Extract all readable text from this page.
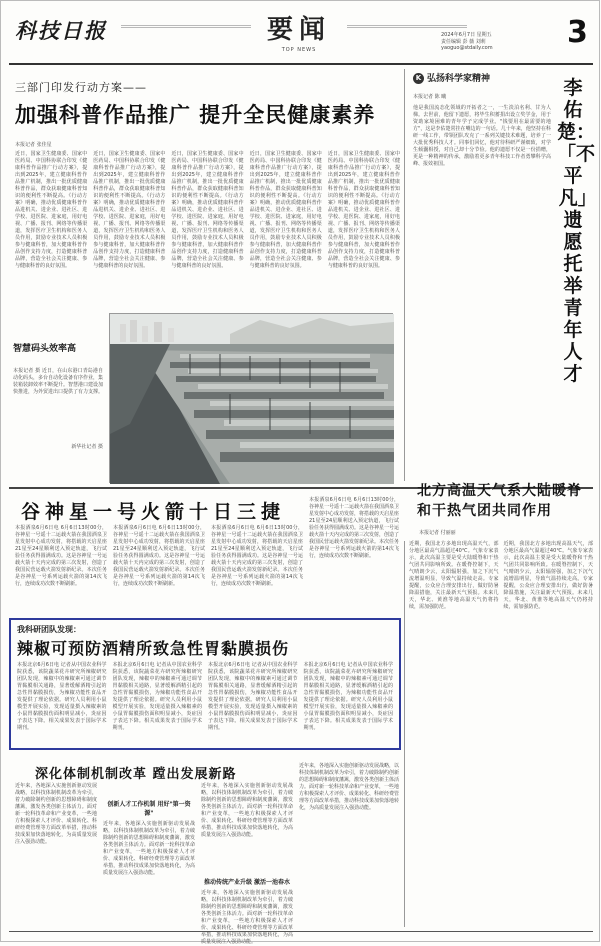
科技日报	要闻
TOP NEWS
2024年6月7日 星期五
责任编辑 彭 薇 刘莉
yaoguo@stdaily.com 3
三部门印发行动方案——
加强科普作品推广 提升全民健康素养
本报记者 张佳星
近日，国家卫生健康委、国家中医药局、中国科协联合印发《健康科普作品推广行动方案》，提出到2025年，建立健康科普作品推广机制，推出一批优质健康科普作品，群众获取健康科普知识的便利性不断提高。《行动方案》明确，推动优质健康科普作品进机关、进企业、进社区、进学校、进医院、进家庭，用好电视、广播、报刊、网络等传播渠道，发挥医疗卫生机构和医务人员作用，鼓励专业技术人员积极参与健康科普，加大健康科普作品创作支持力度，打造健康科普品牌，营造全社会关注健康、参与健康科普的良好氛围。
近日，国家卫生健康委、国家中医药局、中国科协联合印发《健康科普作品推广行动方案》，提出到2025年，建立健康科普作品推广机制，推出一批优质健康科普作品，群众获取健康科普知识的便利性不断提高。《行动方案》明确，推动优质健康科普作品进机关、进企业、进社区、进学校、进医院、进家庭，用好电视、广播、报刊、网络等传播渠道，发挥医疗卫生机构和医务人员作用，鼓励专业技术人员积极参与健康科普，加大健康科普作品创作支持力度，打造健康科普品牌，营造全社会关注健康、参与健康科普的良好氛围。
近日，国家卫生健康委、国家中医药局、中国科协联合印发《健康科普作品推广行动方案》，提出到2025年，建立健康科普作品推广机制，推出一批优质健康科普作品，群众获取健康科普知识的便利性不断提高。《行动方案》明确，推动优质健康科普作品进机关、进企业、进社区、进学校、进医院、进家庭，用好电视、广播、报刊、网络等传播渠道，发挥医疗卫生机构和医务人员作用，鼓励专业技术人员积极参与健康科普，加大健康科普作品创作支持力度，打造健康科普品牌，营造全社会关注健康、参与健康科普的良好氛围。
近日，国家卫生健康委、国家中医药局、中国科协联合印发《健康科普作品推广行动方案》，提出到2025年，建立健康科普作品推广机制，推出一批优质健康科普作品，群众获取健康科普知识的便利性不断提高。《行动方案》明确，推动优质健康科普作品进机关、进企业、进社区、进学校、进医院、进家庭，用好电视、广播、报刊、网络等传播渠道，发挥医疗卫生机构和医务人员作用，鼓励专业技术人员积极参与健康科普，加大健康科普作品创作支持力度，打造健康科普品牌，营造全社会关注健康、参与健康科普的良好氛围。
近日，国家卫生健康委、国家中医药局、中国科协联合印发《健康科普作品推广行动方案》，提出到2025年，建立健康科普作品推广机制，推出一批优质健康科普作品，群众获取健康科普知识的便利性不断提高。《行动方案》明确，推动优质健康科普作品进机关、进企业、进社区、进学校、进医院、进家庭，用好电视、广播、报刊、网络等传播渠道，发挥医疗卫生机构和医务人员作用，鼓励专业技术人员积极参与健康科普，加大健康科普作品创作支持力度，打造健康科普品牌，营造全社会关注健康、参与健康科普的良好氛围。
智慧码头效率高
本报记者 摄 近日，在山东港口青岛港自动化码头，多台自动化设备有序作业，集装箱装卸效率不断提升。智慧港口建设加快推进，为外贸进出口提供了有力支撑。
新华社记者 摄
K 弘扬科学家精神
本报记者 陈 曦
他是我国流态化领域的开拓者之一，一生淡泊名利、甘为人梯。去世前，他留下遗愿，将毕生积蓄捐出设立奖学金，用于资助家境困难的青年学子完成学业。"钱要用在最需要的地方"，这是李佑楚常挂在嘴边的一句话。几十年来，他坚持在科研一线工作，带领团队攻克了一系列关键技术难题，培养了一大批优秀科技人才。同事们回忆，他对待科研严谨细致，对学生倾囊相授，对自己却十分节俭。他的遗愿不仅是一份捐赠，更是一种精神的传承，激励着更多青年科技工作者勇攀科学高峰、报效祖国。
李佑楚：「不平凡」遗愿托举青年人才
谷神星一号火箭十日三捷
本报酒泉6月6日电 6月6日13时00分，谷神星一号遥十二运载火箭在我国酒泉卫星发射中心成功发射，将搭载的天启星座21星至24星顺利送入预定轨道，飞行试验任务获得圆满成功。这是谷神星一号运载火箭十天内完成的第三次发射，创造了我国民营运载火箭发射新纪录。本次任务是谷神星一号系列运载火箭的第14次飞行，连续成功次数不断刷新。
本报酒泉6月6日电 6月6日13时00分，谷神星一号遥十二运载火箭在我国酒泉卫星发射中心成功发射，将搭载的天启星座21星至24星顺利送入预定轨道，飞行试验任务获得圆满成功。这是谷神星一号运载火箭十天内完成的第三次发射，创造了我国民营运载火箭发射新纪录。本次任务是谷神星一号系列运载火箭的第14次飞行，连续成功次数不断刷新。
本报酒泉6月6日电 6月6日13时00分，谷神星一号遥十二运载火箭在我国酒泉卫星发射中心成功发射，将搭载的天启星座21星至24星顺利送入预定轨道，飞行试验任务获得圆满成功。这是谷神星一号运载火箭十天内完成的第三次发射，创造了我国民营运载火箭发射新纪录。本次任务是谷神星一号系列运载火箭的第14次飞行，连续成功次数不断刷新。
本报酒泉6月6日电 6月6日13时00分，谷神星一号遥十二运载火箭在我国酒泉卫星发射中心成功发射，将搭载的天启星座21星至24星顺利送入预定轨道，飞行试验任务获得圆满成功。这是谷神星一号运载火箭十天内完成的第三次发射，创造了我国民营运载火箭发射新纪录。本次任务是谷神星一号系列运载火箭的第14次飞行，连续成功次数不断刷新。
北方高温天气系大陆暖脊和干热气团共同作用
本报记者 付丽丽
近期，我国北方多地出现高温天气，部分地区最高气温超过40℃。气象专家表示，此次高温主要是受大陆暖脊和干热气团共同影响所致。在暖脊控制下，天气晴朗少云，太阳辐射强，加之下沉气流增温明显，导致气温持续走高。专家提醒，公众应合理安排出行，做好防暑降温措施，关注最新天气预报。未来几天，华北、黄淮等地高温天气仍将持续，需加强防范。
近期，我国北方多地出现高温天气，部分地区最高气温超过40℃。气象专家表示，此次高温主要是受大陆暖脊和干热气团共同影响所致。在暖脊控制下，天气晴朗少云，太阳辐射强，加之下沉气流增温明显，导致气温持续走高。专家提醒，公众应合理安排出行，做好防暑降温措施，关注最新天气预报。未来几天，华北、黄淮等地高温天气仍将持续，需加强防范。
我科研团队发现：
辣椒可预防酒精所致急性胃黏膜损伤
本报北京6月6日电 记者从中国农业科学院获悉，该院蔬菜花卉研究所辣椒研究团队发现，辣椒中的辣椒素可通过调节胃黏膜相关通路，显著缓解酒精引起的急性胃黏膜损伤，为辣椒功能性食品开发提供了理论依据。研究人员利用小鼠模型开展实验，发现适量摄入辣椒素的小鼠胃黏膜损伤面积明显减小，炎症因子表达下降。相关成果发表于国际学术期刊。
本报北京6月6日电 记者从中国农业科学院获悉，该院蔬菜花卉研究所辣椒研究团队发现，辣椒中的辣椒素可通过调节胃黏膜相关通路，显著缓解酒精引起的急性胃黏膜损伤，为辣椒功能性食品开发提供了理论依据。研究人员利用小鼠模型开展实验，发现适量摄入辣椒素的小鼠胃黏膜损伤面积明显减小，炎症因子表达下降。相关成果发表于国际学术期刊。
本报北京6月6日电 记者从中国农业科学院获悉，该院蔬菜花卉研究所辣椒研究团队发现，辣椒中的辣椒素可通过调节胃黏膜相关通路，显著缓解酒精引起的急性胃黏膜损伤，为辣椒功能性食品开发提供了理论依据。研究人员利用小鼠模型开展实验，发现适量摄入辣椒素的小鼠胃黏膜损伤面积明显减小，炎症因子表达下降。相关成果发表于国际学术期刊。
本报北京6月6日电 记者从中国农业科学院获悉，该院蔬菜花卉研究所辣椒研究团队发现，辣椒中的辣椒素可通过调节胃黏膜相关通路，显著缓解酒精引起的急性胃黏膜损伤，为辣椒功能性食品开发提供了理论依据。研究人员利用小鼠模型开展实验，发现适量摄入辣椒素的小鼠胃黏膜损伤面积明显减小，炎症因子表达下降。相关成果发表于国际学术期刊。
深化体制机制改革 蹚出发展新路
近年来，各地深入实施创新驱动发展战略，以科技体制机制改革为牵引，着力破除制约创新的思想障碍和制度藩篱，激发各类创新主体活力。面对新一轮科技革命和产业变革，一些地方积极探索人才评价、成果转化、科研经费管理等方面改革举措，推动科技成果加快落地转化，为高质量发展注入强劲动能。
创新人才工作机制 用好"第一资源"
近年来，各地深入实施创新驱动发展战略，以科技体制机制改革为牵引，着力破除制约创新的思想障碍和制度藩篱，激发各类创新主体活力。面对新一轮科技革命和产业变革，一些地方积极探索人才评价、成果转化、科研经费管理等方面改革举措，推动科技成果加快落地转化，为高质量发展注入强劲动能。
近年来，各地深入实施创新驱动发展战略，以科技体制机制改革为牵引，着力破除制约创新的思想障碍和制度藩篱，激发各类创新主体活力。面对新一轮科技革命和产业变革，一些地方积极探索人才评价、成果转化、科研经费管理等方面改革举措，推动科技成果加快落地转化，为高质量发展注入强劲动能。
推动传统产业升级 激活一池春水
近年来，各地深入实施创新驱动发展战略，以科技体制机制改革为牵引，着力破除制约创新的思想障碍和制度藩篱，激发各类创新主体活力。面对新一轮科技革命和产业变革，一些地方积极探索人才评价、成果转化、科研经费管理等方面改革举措，推动科技成果加快落地转化，为高质量发展注入强劲动能。
近年来，各地深入实施创新驱动发展战略，以科技体制机制改革为牵引，着力破除制约创新的思想障碍和制度藩篱，激发各类创新主体活力。面对新一轮科技革命和产业变革，一些地方积极探索人才评价、成果转化、科研经费管理等方面改革举措，推动科技成果加快落地转化，为高质量发展注入强劲动能。
